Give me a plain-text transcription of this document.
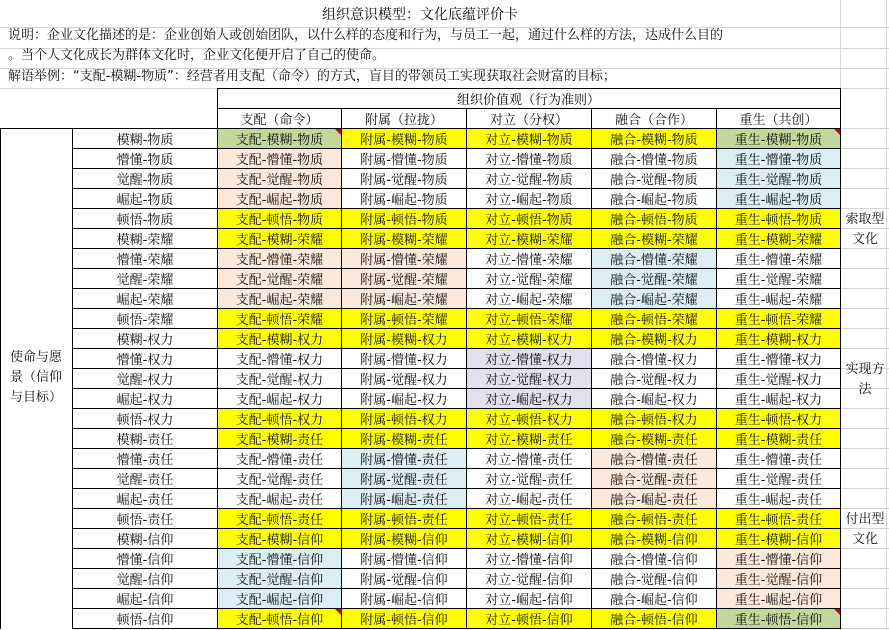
组织意识模型：文化底蕴评价卡
说明：企业文化描述的是：企业创始人或创始团队，以什么样的态度和行为，与员工一起，通过什么样的方法，达成什么目的
。当个人文化成长为群体文化时，企业文化便开启了自己的使命。
解语举例：“支配-模糊-物质”：经营者用支配（命令）的方式，盲目的带领员工实现获取社会财富的目标；
组织价值观（行为准则）
使命与愿景（信仰与目标）
索取型文化
实现方法
付出型文化
支配（命令）	附属（拉拢）	对立（分权）	融合（合作）	重生（共创）
模糊-物质	支配-模糊-物质	附属-模糊-物质	对立-模糊-物质	融合-模糊-物质	重生-模糊-物质
懵懂-物质	支配-懵懂-物质	附属-懵懂-物质	对立-懵懂-物质	融合-懵懂-物质	重生-懵懂-物质
觉醒-物质	支配-觉醒-物质	附属-觉醒-物质	对立-觉醒-物质	融合-觉醒-物质	重生-觉醒-物质
崛起-物质	支配-崛起-物质	附属-崛起-物质	对立-崛起-物质	融合-崛起-物质	重生-崛起-物质
顿悟-物质	支配-顿悟-物质	附属-顿悟-物质	对立-顿悟-物质	融合-顿悟-物质	重生-顿悟-物质
模糊-荣耀	支配-模糊-荣耀	附属-模糊-荣耀	对立-模糊-荣耀	融合-模糊-荣耀	重生-模糊-荣耀
懵懂-荣耀	支配-懵懂-荣耀	附属-懵懂-荣耀	对立-懵懂-荣耀	融合-懵懂-荣耀	重生-懵懂-荣耀
觉醒-荣耀	支配-觉醒-荣耀	附属-觉醒-荣耀	对立-觉醒-荣耀	融合-觉醒-荣耀	重生-觉醒-荣耀
崛起-荣耀	支配-崛起-荣耀	附属-崛起-荣耀	对立-崛起-荣耀	融合-崛起-荣耀	重生-崛起-荣耀
顿悟-荣耀	支配-顿悟-荣耀	附属-顿悟-荣耀	对立-顿悟-荣耀	融合-顿悟-荣耀	重生-顿悟-荣耀
模糊-权力	支配-模糊-权力	附属-模糊-权力	对立-模糊-权力	融合-模糊-权力	重生-模糊-权力
懵懂-权力	支配-懵懂-权力	附属-懵懂-权力	对立-懵懂-权力	融合-懵懂-权力	重生-懵懂-权力
觉醒-权力	支配-觉醒-权力	附属-觉醒-权力	对立-觉醒-权力	融合-觉醒-权力	重生-觉醒-权力
崛起-权力	支配-崛起-权力	附属-崛起-权力	对立-崛起-权力	融合-崛起-权力	重生-崛起-权力
顿悟-权力	支配-顿悟-权力	附属-顿悟-权力	对立-顿悟-权力	融合-顿悟-权力	重生-顿悟-权力
模糊-责任	支配-模糊-责任	附属-模糊-责任	对立-模糊-责任	融合-模糊-责任	重生-模糊-责任
懵懂-责任	支配-懵懂-责任	附属-懵懂-责任	对立-懵懂-责任	融合-懵懂-责任	重生-懵懂-责任
觉醒-责任	支配-觉醒-责任	附属-觉醒-责任	对立-觉醒-责任	融合-觉醒-责任	重生-觉醒-责任
崛起-责任	支配-崛起-责任	附属-崛起-责任	对立-崛起-责任	融合-崛起-责任	重生-崛起-责任
顿悟-责任	支配-顿悟-责任	附属-顿悟-责任	对立-顿悟-责任	融合-顿悟-责任	重生-顿悟-责任
模糊-信仰	支配-模糊-信仰	附属-模糊-信仰	对立-模糊-信仰	融合-模糊-信仰	重生-模糊-信仰
懵懂-信仰	支配-懵懂-信仰	附属-懵懂-信仰	对立-懵懂-信仰	融合-懵懂-信仰	重生-懵懂-信仰
觉醒-信仰	支配-觉醒-信仰	附属-觉醒-信仰	对立-觉醒-信仰	融合-觉醒-信仰	重生-觉醒-信仰
崛起-信仰	支配-崛起-信仰	附属-崛起-信仰	对立-崛起-信仰	融合-崛起-信仰	重生-崛起-信仰
顿悟-信仰	支配-顿悟-信仰	附属-顿悟-信仰	对立-顿悟-信仰	融合-顿悟-信仰	重生-顿悟-信仰
